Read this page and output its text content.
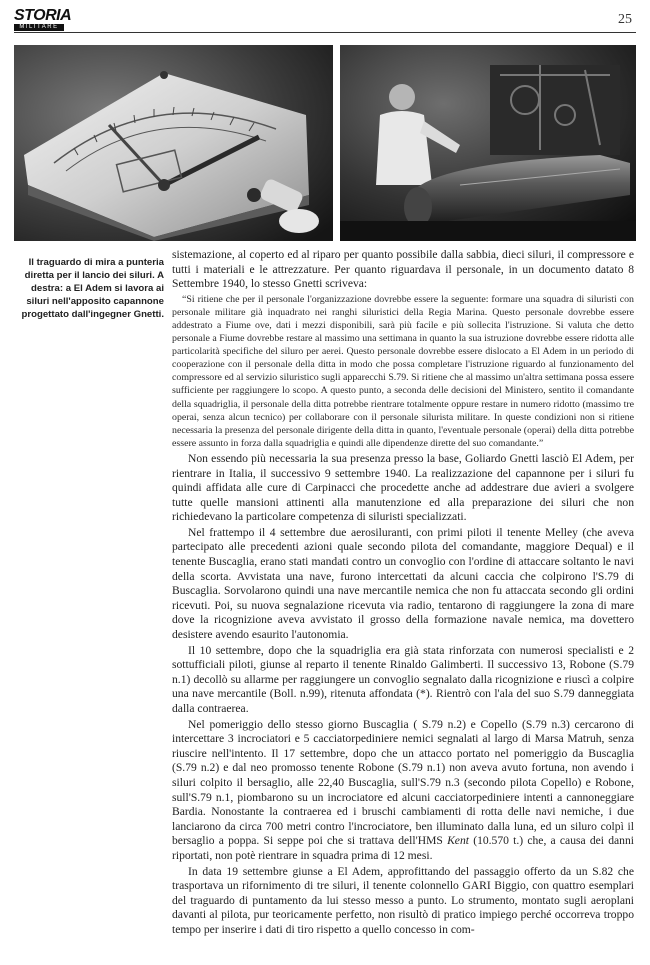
STORIA
MILITARE	25
Il traguardo di mira a punteria diretta per il lancio dei siluri. A destra: a El Adem si lavora ai siluri nell'apposito capannone progettato dall'ingegner Gnetti.

sistemazione, al coperto ed al riparo per quanto possibile dalla sabbia, dieci siluri, il compressore e tutti i materiali e le attrezzature. Per quanto riguardava il personale, in un documento datato 8 Settembre 1940, lo stesso Gnetti scriveva:

“Si ritiene che per il personale l'organizzazione dovrebbe essere la seguente: formare una squadra di siluristi con personale militare già inquadrato nei ranghi siluristici della Regia Marina. Questo personale dovrebbe essere addestrato a Fiume ove, dati i mezzi disponibili, sarà più facile e più sollecita l'istruzione. Si valuta che detto personale a Fiume dovrebbe restare al massimo una settimana in quanto la sua istruzione dovrebbe essere ridotta alle particolarità specifiche del siluro per aerei. Questo personale dovrebbe essere dislocato a El Adem in un periodo di cooperazione con il personale della ditta in modo che possa completare l'istruzione riguardo al funzionamento del compressore ed al servizio siluristico sugli apparecchi S.79. Si ritiene che al massimo un'altra settimana possa essere sufficiente per raggiungere lo scopo. A questo punto, a seconda delle decisioni del Ministero, sentito il comandante della squadriglia, il personale della ditta potrebbe rientrare totalmente oppure restare in numero ridotto (massimo tre operai, senza alcun tecnico) per collaborare con il personale silurista militare. In queste condizioni non si ritiene necessaria la presenza del personale dirigente della ditta in quanto, l'eventuale personale (operai) della ditta potrebbe essere assunto in forza dalla squadriglia e quindi alle dipendenze dirette del suo comandante.”

Non essendo più necessaria la sua presenza presso la base, Goliardo Gnetti lasciò El Adem, per rientrare in Italia, il successivo 9 settembre 1940. La realizzazione del capannone per i siluri fu quindi affidata alle cure di Carpinacci che procedette anche ad addestrare due avieri a svolgere tutte quelle mansioni attinenti alla manutenzione ed alla preparazione dei siluri che non richiedevano la particolare competenza di siluristi specializzati.

Nel frattempo il 4 settembre due aerosiluranti, con primi piloti il tenente Melley (che aveva partecipato alle precedenti azioni quale secondo pilota del comandante, maggiore Dequal) e il tenente Buscaglia, erano stati mandati contro un convoglio con l'ordine di attaccare soltanto le navi della scorta. Avvistata una nave, furono intercettati da alcuni caccia che colpirono l'S.79 di Buscaglia. Sorvolarono quindi una nave mercantile nemica che non fu attaccata secondo gli ordini ricevuti. Poi, su nuova segnalazione ricevuta via radio, tentarono di raggiungere la zona di mare dove la ricognizione aveva avvistato il grosso della formazione navale nemica, ma dovettero desistere avendo esaurito l'autonomia.

Il 10 settembre, dopo che la squadriglia era già stata rinforzata con numerosi specialisti e 2 sottufficiali piloti, giunse al reparto il tenente Rinaldo Galimberti. Il successivo 13, Robone (S.79 n.1) decollò su allarme per raggiungere un convoglio segnalato dalla ricognizione e riuscì a colpire una nave mercantile (Boll. n.99), ritenuta affondata (*). Rientrò con l'ala del suo S.79 danneggiata dalla contraerea.

Nel pomeriggio dello stesso giorno Buscaglia ( S.79 n.2) e Copello (S.79 n.3) cercarono di intercettare 3 incrociatori e 5 cacciatorpediniere nemici segnalati al largo di Marsa Matruh, senza riuscire nell'intento. Il 17 settembre, dopo che un attacco portato nel pomeriggio da Buscaglia (S.79 n.2) e dal neo promosso tenente Robone (S.79 n.1) non aveva avuto fortuna, non avendo i siluri colpito il bersaglio, alle 22,40 Buscaglia, sull'S.79 n.3 (secondo pilota Copello) e Robone, sull'S.79 n.1, piombarono su un incrociatore ed alcuni cacciatorpediniere intenti a cannoneggiare Bardia. Nonostante la contraerea ed i bruschi cambiamenti di rotta delle navi nemiche, i due lanciarono da circa 700 metri contro l'incrociatore, ben illuminato dalla luna, ed un siluro colpì il bersaglio a poppa. Si seppe poi che si trattava dell'HMS Kent (10.570 t.) che, a causa dei danni riportati, non potè rientrare in squadra prima di 12 mesi.

In data 19 settembre giunse a El Adem, approfittando del passaggio offerto da un S.82 che trasportava un rifornimento di tre siluri, il tenente colonnello GARI Biggio, con quattro esemplari del traguardo di puntamento da lui stesso messo a punto. Lo strumento, montato sugli aeroplani davanti al pilota, pur teoricamente perfetto, non risultò di pratico impiego perché occorreva troppo tempo per inserire i dati di tiro rispetto a quello concesso in com-
